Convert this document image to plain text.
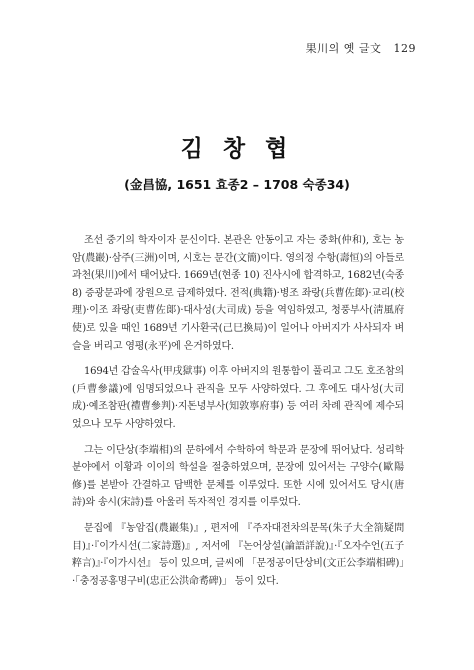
果川의 옛 글文 129
김 창 협
(金昌協, 1651 효종2 – 1708 숙종34)

조선 중기의 학자이자 문신이다. 본관은 안동이고 자는 중화(仲和), 호는 농암(農巖)·삼주(三洲)이며, 시호는 문간(文簡)이다. 영의정 수항(壽恒)의 아들로 과천(果川)에서 태어났다. 1669년(현종 10) 진사시에 합격하고, 1682년(숙종 8) 증광문과에 장원으로 급제하였다. 전적(典籍)·병조 좌랑(兵曹佐郞)·교리(校理)·이조 좌랑(吏曹佐郞)·대사성(大司成) 등을 역임하였고, 청풍부사(淸風府使)로 있을 때인 1689년 기사환국(己巳換局)이 일어나 아버지가 사사되자 벼슬을 버리고 영평(永平)에 은거하였다.

1694년 갑술옥사(甲戌獄事) 이후 아버지의 원통함이 풀리고 그도 호조참의(戶曹參議)에 임명되었으나 관직을 모두 사양하였다. 그 후에도 대사성(大司成)·예조참판(禮曹參判)·지돈녕부사(知敦寧府事) 등 여러 차례 관직에 제수되었으나 모두 사양하였다.

그는 이단상(李端相)의 문하에서 수학하여 학문과 문장에 뛰어났다. 성리학 분야에서 이황과 이이의 학설을 절충하였으며, 문장에 있어서는 구양수(歐陽修)를 본받아 간결하고 담백한 문체를 이루었다. 또한 시에 있어서도 당시(唐詩)와 송시(宋詩)를 아울러 독자적인 경지를 이루었다.

문집에 『농암집(農巖集)』, 편저에 『주자대전차의문목(朱子大全箚疑問目)』·『이가시선(二家詩選)』, 저서에 『논어상설(論語詳說)』·『오자수언(五子粹言)』·『이가시선』 등이 있으며, 글씨에 「문정공이단상비(文正公李端相碑)」·「충정공홍명구비(忠正公洪命耉碑)」 등이 있다.
